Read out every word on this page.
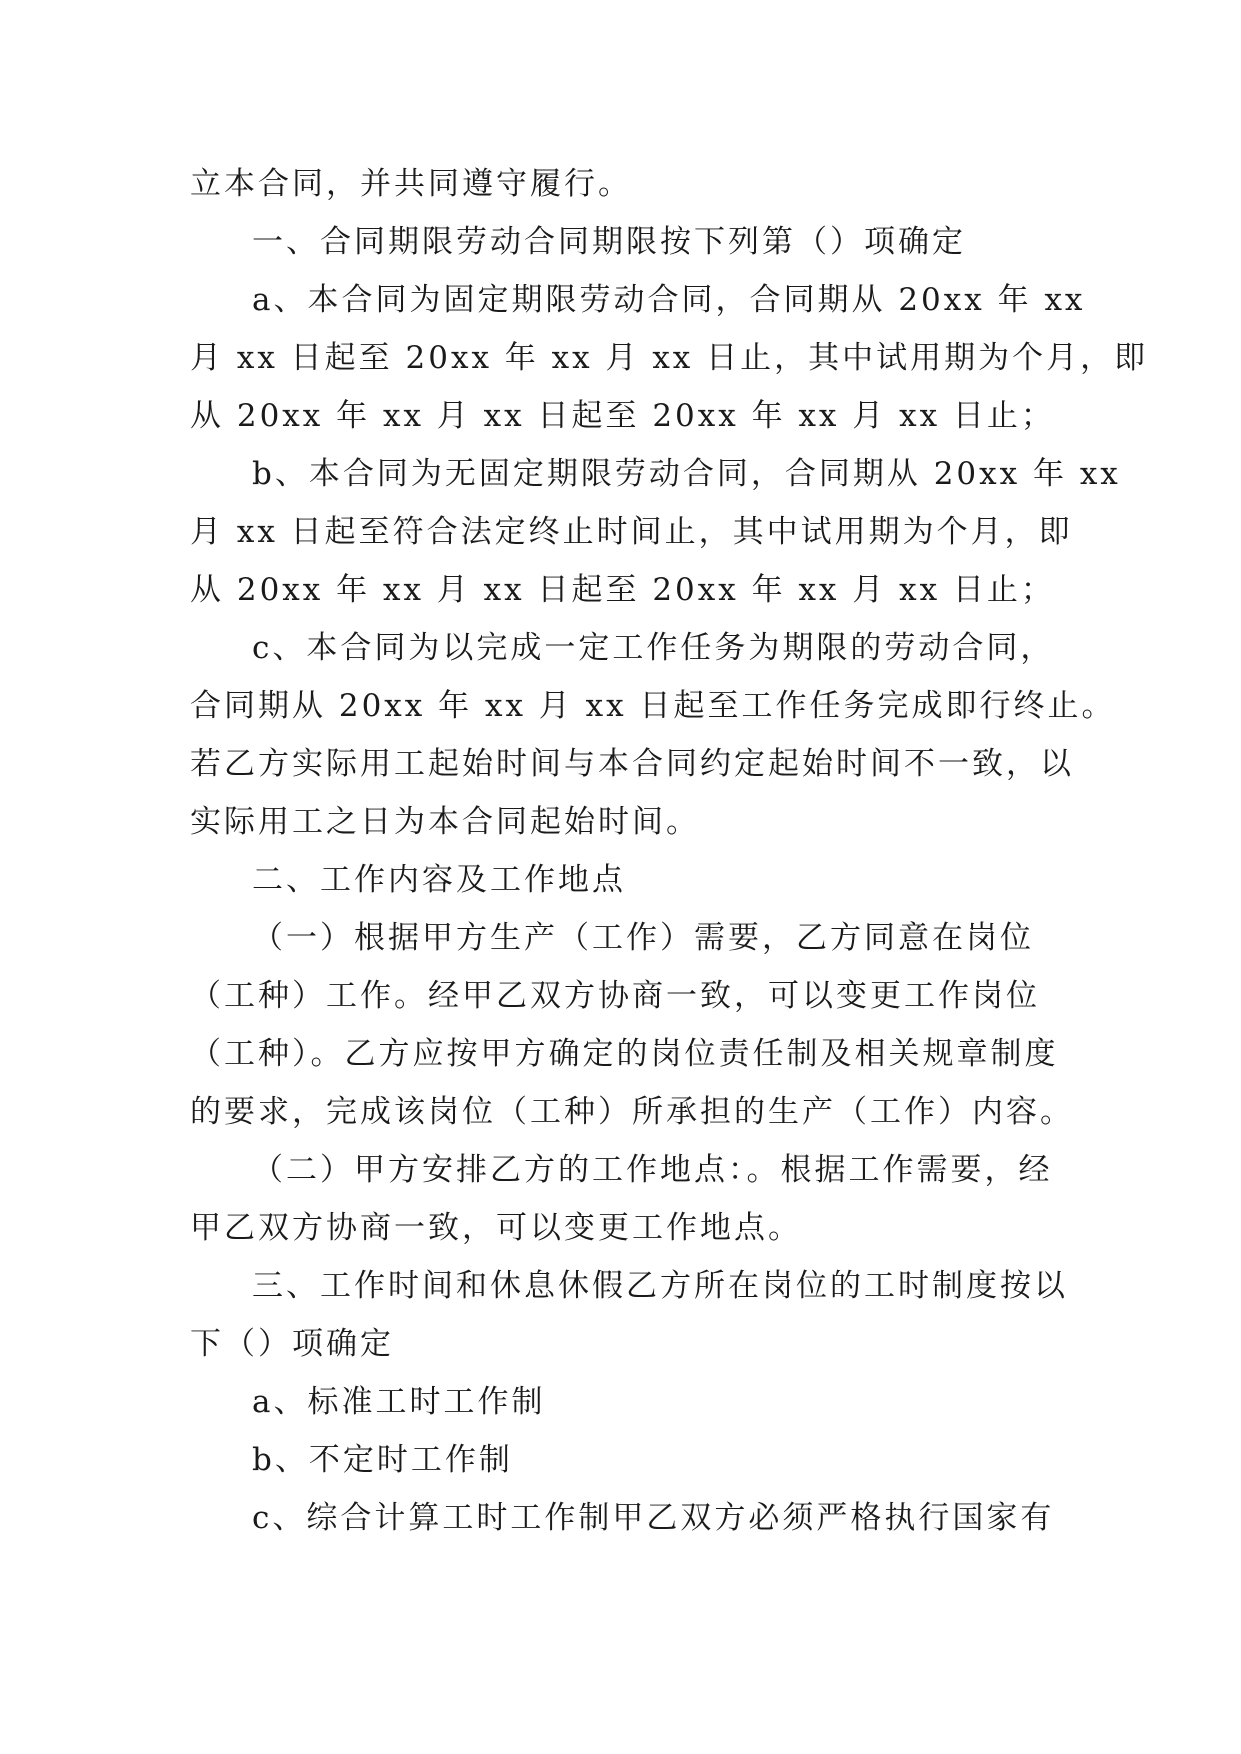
立本合同，并共同遵守履行。
一、合同期限劳动合同期限按下列第（）项确定
a、本合同为固定期限劳动合同，合同期从 20xx 年 xx
月 xx 日起至 20xx 年 xx 月 xx 日止，其中试用期为个月，即
从 20xx 年 xx 月 xx 日起至 20xx 年 xx 月 xx 日止；
b、本合同为无固定期限劳动合同，合同期从 20xx 年 xx
月 xx 日起至符合法定终止时间止，其中试用期为个月，即
从 20xx 年 xx 月 xx 日起至 20xx 年 xx 月 xx 日止；
c、本合同为以完成一定工作任务为期限的劳动合同，
合同期从 20xx 年 xx 月 xx 日起至工作任务完成即行终止。
若乙方实际用工起始时间与本合同约定起始时间不一致，以
实际用工之日为本合同起始时间。
二、工作内容及工作地点
（一）根据甲方生产（工作）需要，乙方同意在岗位
（工种）工作。经甲乙双方协商一致，可以变更工作岗位
（工种）。乙方应按甲方确定的岗位责任制及相关规章制度
的要求，完成该岗位（工种）所承担的生产（工作）内容。
（二）甲方安排乙方的工作地点：。根据工作需要，经
甲乙双方协商一致，可以变更工作地点。
三、工作时间和休息休假乙方所在岗位的工时制度按以
下（）项确定
a、标准工时工作制
b、不定时工作制
c、综合计算工时工作制甲乙双方必须严格执行国家有
